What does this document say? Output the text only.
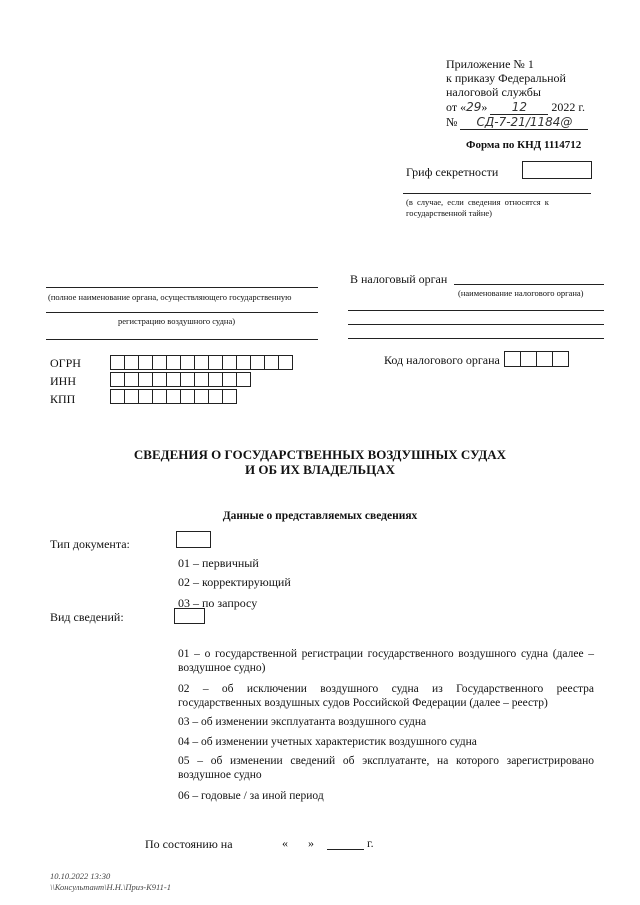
Приложение № 1
к приказу Федеральной
налоговой службы
от «29» 12 2022 г.
№ СД-7-21/1184@
Форма по КНД 1114712
Гриф секретности
(в случае, если сведения относятся к
государственной тайне)
В налоговый орган
(наименование налогового органа)
(полное наименование органа, осуществляющего государственную
регистрацию воздушного судна)
Код налогового органа
ОГРН
ИНН
КПП
СВЕДЕНИЯ О ГОСУДАРСТВЕННЫХ ВОЗДУШНЫХ СУДАХ
И ОБ ИХ ВЛАДЕЛЬЦАХ
Данные о представляемых сведениях
Тип документа:
01 – первичный
02 – корректирующий
03 – по запросу
Вид сведений:
01 – о государственной регистрации государственного воздушного судна (далее – воздушное судно)
02 – об исключении воздушного судна из Государственного реестра государственных воздушных судов Российской Федерации (далее – реестр)
03 – об изменении эксплуатанта воздушного судна
04 – об изменении учетных характеристик воздушного судна
05 – об изменении сведений об эксплуатанте, на которого зарегистрировано воздушное судно
06 – годовые / за иной период
По состоянию на	« »	г.
10.10.2022 13:30
\\Консультант\Н.Н.\Приз-К911-1
